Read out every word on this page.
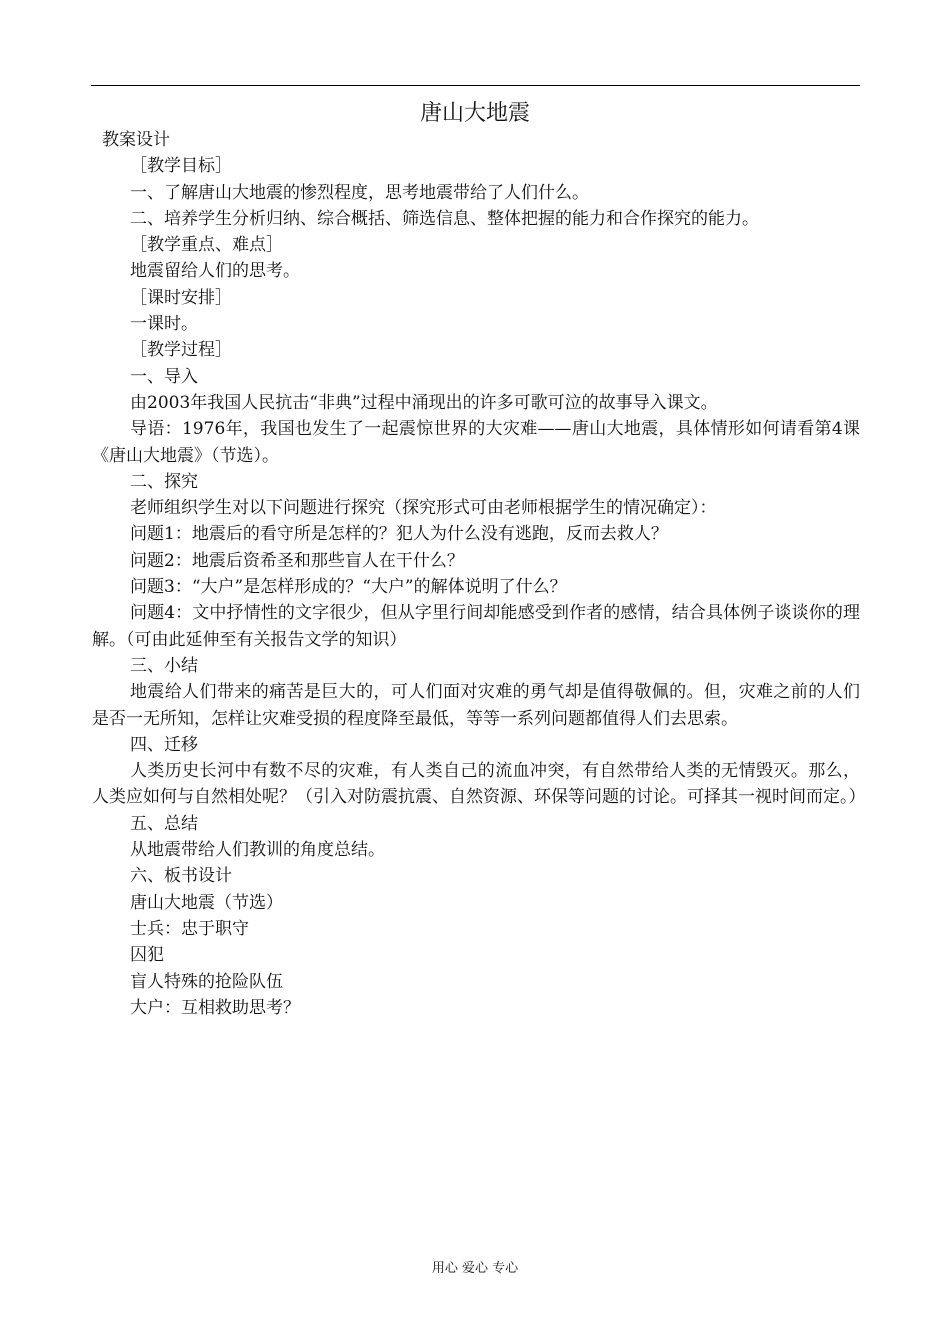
唐山大地震

教案设计

［教学目标］

一、了解唐山大地震的惨烈程度，思考地震带给了人们什么。

二、培养学生分析归纳、综合概括、筛选信息、整体把握的能力和合作探究的能力。

［教学重点、难点］

地震留给人们的思考。

［课时安排］

一课时。

［教学过程］

一、导入

由2003年我国人民抗击“非典”过程中涌现出的许多可歌可泣的故事导入课文。

导语：1976年，我国也发生了一起震惊世界的大灾难——唐山大地震，具体情形如何请看第4课《唐山大地震》（节选）。

二、探究

老师组织学生对以下问题进行探究（探究形式可由老师根据学生的情况确定）：

问题1：地震后的看守所是怎样的？犯人为什么没有逃跑，反而去救人？

问题2：地震后资希圣和那些盲人在干什么？

问题3：“大户”是怎样形成的？“大户”的解体说明了什么？

问题4：文中抒情性的文字很少，但从字里行间却能感受到作者的感情，结合具体例子谈谈你的理解。（可由此延伸至有关报告文学的知识）

三、小结

地震给人们带来的痛苦是巨大的，可人们面对灾难的勇气却是值得敬佩的。但，灾难之前的人们是否一无所知，怎样让灾难受损的程度降至最低，等等一系列问题都值得人们去思索。

四、迁移

人类历史长河中有数不尽的灾难，有人类自己的流血冲突，有自然带给人类的无情毁灭。那么，人类应如何与自然相处呢？（引入对防震抗震、自然资源、环保等问题的讨论。可择其一视时间而定。）

五、总结

从地震带给人们教训的角度总结。

六、板书设计

唐山大地震（节选）

士兵：忠于职守

囚犯

盲人特殊的抢险队伍

大户：互相救助思考？

用心 爱心 专心
